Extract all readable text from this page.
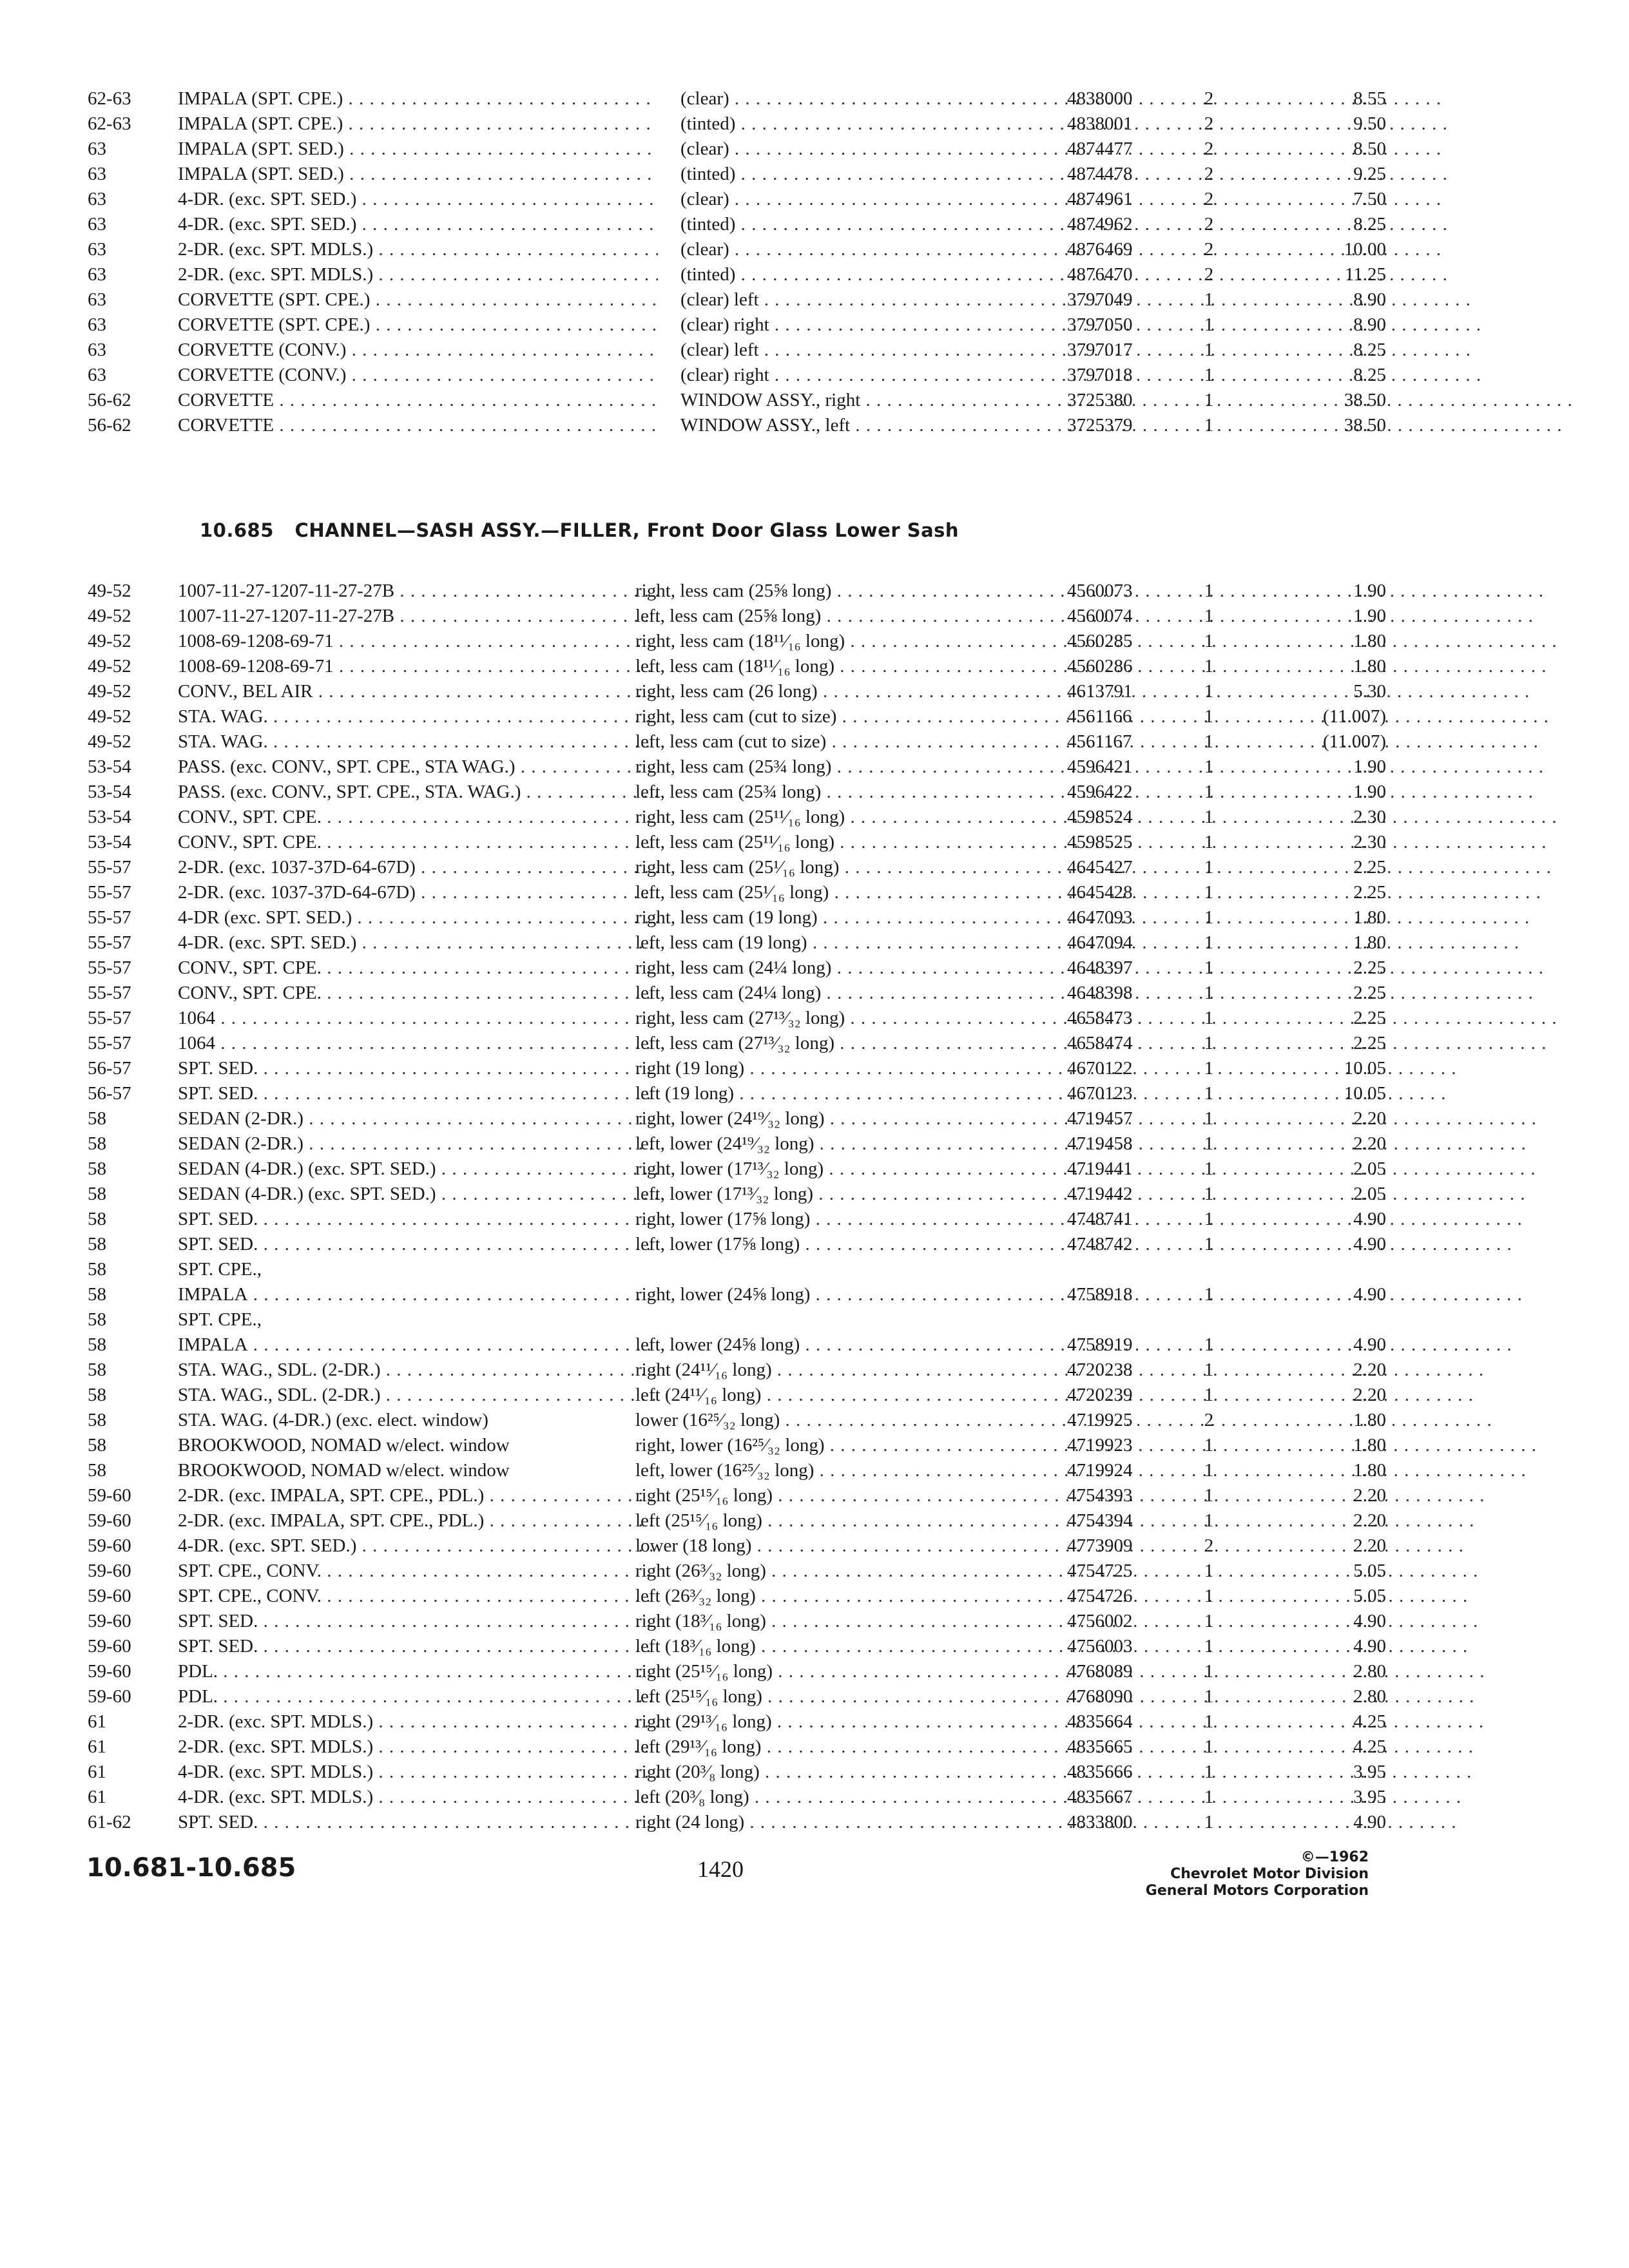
62-63	IMPALA (SPT. CPE.) . . .	(clear) . . .	4838000	2	8.55
62-63	IMPALA (SPT. CPE.) . . .	(tinted) . . .	4838001	2	9.50
63	IMPALA (SPT. SED.) . . .	(clear) . . .	4874477	2	8.50
63	IMPALA (SPT. SED.) . . .	(tinted) . . .	4874478	2	9.25
63	4-DR. (exc. SPT. SED.) . . .	(clear) . . .	4874961	2	7.50
63	4-DR. (exc. SPT. SED.) . . .	(tinted) . . .	4874962	2	8.25
63	2-DR. (exc. SPT. MDLS.) . . .	(clear) . . .	4876469	2	10.00
63	2-DR. (exc. SPT. MDLS.) . . .	(tinted) . . .	4876470	2	11.25
63	CORVETTE (SPT. CPE.) . . .	(clear) left . . .	3797049	1	8.90
63	CORVETTE (SPT. CPE.) . . .	(clear) right . . .	3797050	1	8.90
63	CORVETTE (CONV.) . . .	(clear) left . . .	3797017	1	8.25
63	CORVETTE (CONV.) . . .	(clear) right . . .	3797018	1	8.25
56-62	CORVETTE . . .	WINDOW ASSY., right . . .	3725380	1	38.50
56-62	CORVETTE . . .	WINDOW ASSY., left . . .	3725379	1	38.50
10.685 CHANNEL—SASH ASSY.—FILLER, Front Door Glass Lower Sash
49-52	1007-11-27-1207-11-27-27B . . .	right, less cam (25⅝ long) . . .	4560073	1	1.90
49-52	1007-11-27-1207-11-27-27B . . .	left, less cam (25⅝ long) . . .	4560074	1	1.90
49-52	1008-69-1208-69-71 . . .	right, less cam (18¹¹⁄₁₆ long) . . .	4560285	1	1.80
49-52	1008-69-1208-69-71 . . .	left, less cam (18¹¹⁄₁₆ long) . . .	4560286	1	1.80
49-52	CONV., BEL AIR . . .	right, less cam (26 long) . . .	4613791	1	5.30
49-52	STA. WAG. . . .	right, less cam (cut to size) . . .	4561166	1	(11.007)
49-52	STA. WAG. . . .	left, less cam (cut to size) . . .	4561167	1	(11.007)
53-54	PASS. (exc. CONV., SPT. CPE., STA WAG.) . . .	right, less cam (25¾ long) . . .	4596421	1	1.90
53-54	PASS. (exc. CONV., SPT. CPE., STA. WAG.) . . .	left, less cam (25¾ long) . . .	4596422	1	1.90
53-54	CONV., SPT. CPE. . . .	right, less cam (25¹¹⁄₁₆ long) . . .	4598524	1	2.30
53-54	CONV., SPT. CPE. . . .	left, less cam (25¹¹⁄₁₆ long) . . .	4598525	1	2.30
55-57	2-DR. (exc. 1037-37D-64-67D) . . .	right, less cam (25¹⁄₁₆ long) . . .	4645427	1	2.25
55-57	2-DR. (exc. 1037-37D-64-67D) . . .	left, less cam (25¹⁄₁₆ long) . . .	4645428	1	2.25
55-57	4-DR (exc. SPT. SED.) . . .	right, less cam (19 long) . . .	4647093	1	1.80
55-57	4-DR. (exc. SPT. SED.) . . .	left, less cam (19 long) . . .	4647094	1	1.80
55-57	CONV., SPT. CPE. . . .	right, less cam (24¼ long) . . .	4648397	1	2.25
55-57	CONV., SPT. CPE. . . .	left, less cam (24¼ long) . . .	4648398	1	2.25
55-57	1064 . . .	right, less cam (27¹³⁄₃₂ long) . . .	4658473	1	2.25
55-57	1064 . . .	left, less cam (27¹³⁄₃₂ long) . . .	4658474	1	2.25
56-57	SPT. SED. . . .	right (19 long) . . .	4670122	1	10.05
56-57	SPT. SED. . . .	left (19 long) . . .	4670123	1	10.05
58	SEDAN (2-DR.) . . .	right, lower (24¹⁹⁄₃₂ long) . . .	4719457	1	2.20
58	SEDAN (2-DR.) . . .	left, lower (24¹⁹⁄₃₂ long) . . .	4719458	1	2.20
58	SEDAN (4-DR.) (exc. SPT. SED.) . . .	right, lower (17¹³⁄₃₂ long) . . .	4719441	1	2.05
58	SEDAN (4-DR.) (exc. SPT. SED.) . . .	left, lower (17¹³⁄₃₂ long) . . .	4719442	1	2.05
58	SPT. SED. . . .	right, lower (17⅝ long) . . .	4748741	1	4.90
58	SPT. SED. . . .	left, lower (17⅝ long) . . .	4748742	1	4.90
58	SPT. CPE.,
58	IMPALA . . .	right, lower (24⅝ long) . . .	4758918	1	4.90
58	SPT. CPE.,
58	IMPALA . . .	left, lower (24⅝ long) . . .	4758919	1	4.90
58	STA. WAG., SDL. (2-DR.) . . .	right (24¹¹⁄₁₆ long) . . .	4720238	1	2.20
58	STA. WAG., SDL. (2-DR.) . . .	left (24¹¹⁄₁₆ long) . . .	4720239	1	2.20
58	STA. WAG. (4-DR.) (exc. elect. window)	lower (16²⁵⁄₃₂ long) . . .	4719925	2	1.80
58	BROOKWOOD, NOMAD w/elect. window	right, lower (16²⁵⁄₃₂ long) . . .	4719923	1	1.80
58	BROOKWOOD, NOMAD w/elect. window	left, lower (16²⁵⁄₃₂ long) . . .	4719924	1	1.80
59-60	2-DR. (exc. IMPALA, SPT. CPE., PDL.) . . .	right (25¹⁵⁄₁₆ long) . . .	4754393	1	2.20
59-60	2-DR. (exc. IMPALA, SPT. CPE., PDL.) . . .	left (25¹⁵⁄₁₆ long) . . .	4754394	1	2.20
59-60	4-DR. (exc. SPT. SED.) . . .	lower (18 long) . . .	4773909	2	2.20
59-60	SPT. CPE., CONV. . . .	right (26³⁄₃₂ long) . . .	4754725	1	5.05
59-60	SPT. CPE., CONV. . . .	left (26³⁄₃₂ long) . . .	4754726	1	5.05
59-60	SPT. SED. . . .	right (18³⁄₁₆ long) . . .	4756002	1	4.90
59-60	SPT. SED. . . .	left (18³⁄₁₆ long) . . .	4756003	1	4.90
59-60	PDL. . . .	right (25¹⁵⁄₁₆ long) . . .	4768089	1	2.80
59-60	PDL. . . .	left (25¹⁵⁄₁₆ long) . . .	4768090	1	2.80
61	2-DR. (exc. SPT. MDLS.) . . .	right (29¹³⁄₁₆ long) . . .	4835664	1	4.25
61	2-DR. (exc. SPT. MDLS.) . . .	left (29¹³⁄₁₆ long) . . .	4835665	1	4.25
61	4-DR. (exc. SPT. MDLS.) . . .	right (20³⁄₈ long) . . .	4835666	1	3.95
61	4-DR. (exc. SPT. MDLS.) . . .	left (20³⁄₈ long) . . .	4835667	1	3.95
61-62	SPT. SED. . . .	right (24 long) . . .	4833800	1	4.90
10.681-10.685	1420	©—1962
Chevrolet Motor Division
General Motors Corporation
